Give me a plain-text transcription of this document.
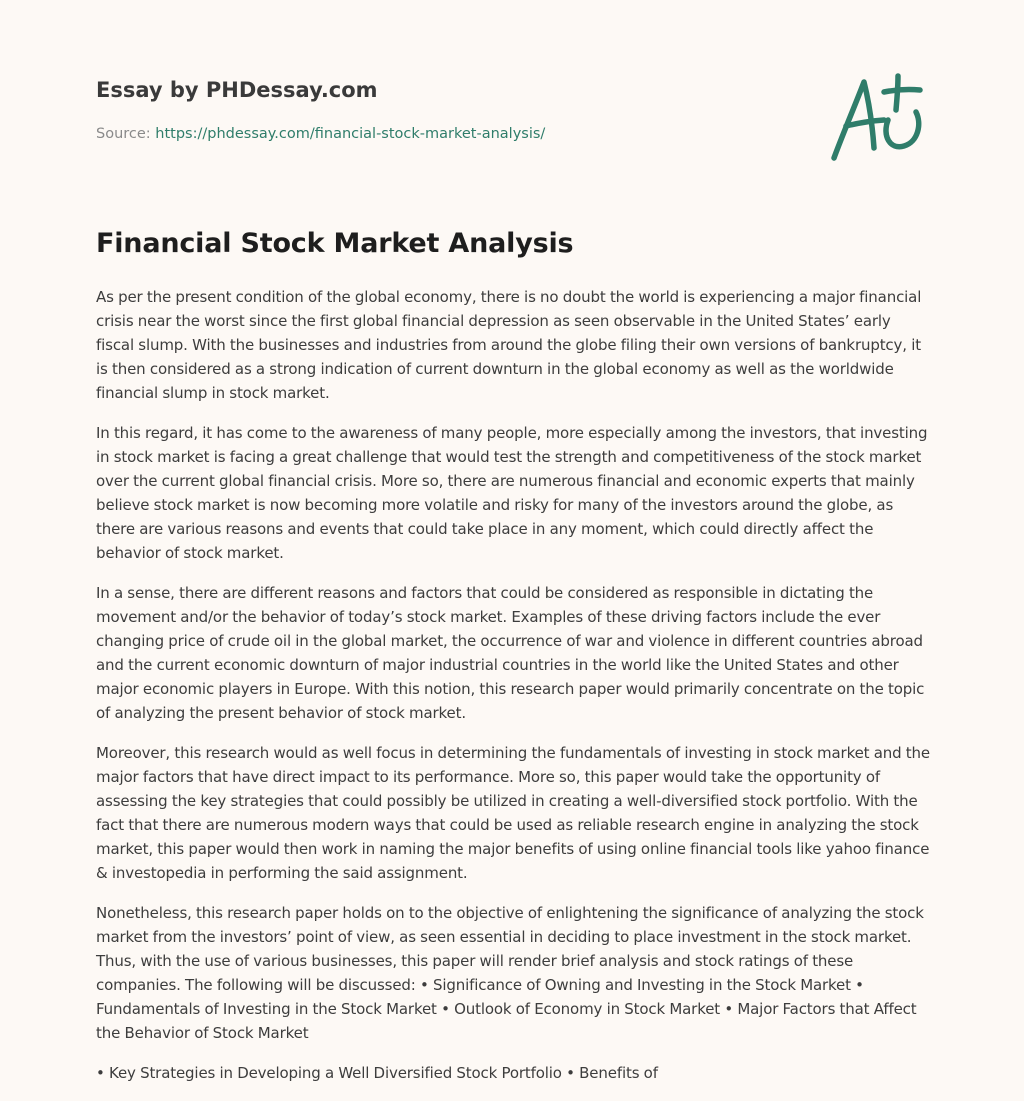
Essay by PHDessay.com
Source: https://phdessay.com/financial-stock-market-analysis/
Financial Stock Market Analysis

As per the present condition of the global economy, there is no doubt the world is experiencing a major financial crisis near the worst since the first global financial depression as seen observable in the United States’ early fiscal slump. With the businesses and industries from around the globe filing their own versions of bankruptcy, it is then considered as a strong indication of current downturn in the global economy as well as the worldwide financial slump in stock market.

In this regard, it has come to the awareness of many people, more especially among the investors, that investing in stock market is facing a great challenge that would test the strength and competitiveness of the stock market over the current global financial crisis. More so, there are numerous financial and economic experts that mainly believe stock market is now becoming more volatile and risky for many of the investors around the globe, as there are various reasons and events that could take place in any moment, which could directly affect the behavior of stock market.

In a sense, there are different reasons and factors that could be considered as responsible in dictating the movement and/or the behavior of today’s stock market. Examples of these driving factors include the ever changing price of crude oil in the global market, the occurrence of war and violence in different countries abroad and the current economic downturn of major industrial countries in the world like the United States and other major economic players in Europe. With this notion, this research paper would primarily concentrate on the topic of analyzing the present behavior of stock market.

Moreover, this research would as well focus in determining the fundamentals of investing in stock market and the major factors that have direct impact to its performance. More so, this paper would take the opportunity of assessing the key strategies that could possibly be utilized in creating a well-diversified stock portfolio. With the fact that there are numerous modern ways that could be used as reliable research engine in analyzing the stock market, this paper would then work in naming the major benefits of using online financial tools like yahoo finance & investopedia in performing the said assignment.

Nonetheless, this research paper holds on to the objective of enlightening the significance of analyzing the stock market from the investors’ point of view, as seen essential in deciding to place investment in the stock market. Thus, with the use of various businesses, this paper will render brief analysis and stock ratings of these companies. The following will be discussed: • Significance of Owning and Investing in the Stock Market • Fundamentals of Investing in the Stock Market • Outlook of Economy in Stock Market • Major Factors that Affect the Behavior of Stock Market

• Key Strategies in Developing a Well Diversified Stock Portfolio • Benefits of
